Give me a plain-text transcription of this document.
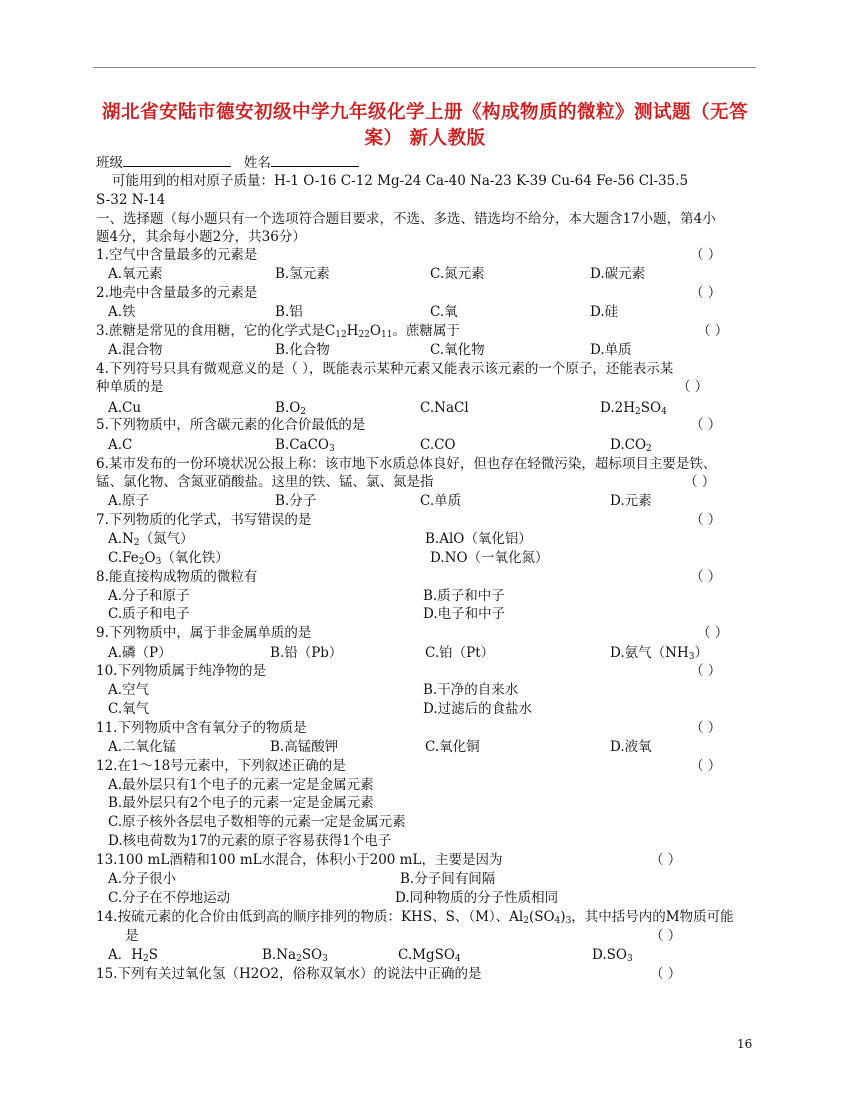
湖北省安陆市德安初级中学九年级化学上册《构成物质的微粒》测试题（无答案） 新人教版
班级	姓名
可能用到的相对原子质量：H-1 O-16 C-12 Mg-24 Ca-40 Na-23 K-39 Cu-64 Fe-56 Cl-35.5
S-32 N-14
一、选择题（每小题只有一个选项符合题目要求，不选、多选、错选均不给分，本大题含17小题，第4小
题4分，其余每小题2分，共36分）
1.空气中含量最多的元素是	（ ）
A.氧元素	B.氢元素	C.氮元素	D.碳元素
2.地壳中含量最多的元素是	（ ）
A.铁	B.铝	C.氧	D.硅
3.蔗糖是常见的食用糖，它的化学式是$C_{12}H_{22}O_{11}$。蔗糖属于	（ ）
A.混合物	B.化合物	C.氧化物	D.单质
4.下列符号只具有微观意义的是（ ），既能表示某种元素又能表示该元素的一个原子，还能表示某
种单质的是	（ ）
A.Cu	$B.O_2$	C.NaCl	$D.2H_2SO_4$
5.下列物质中，所含碳元素的化合价最低的是	（ ）
A.C	B.CaCO$_3$	C.CO	$D.CO_2$
6.某市发布的一份环境状况公报上称：该市地下水质总体良好，但也存在轻微污染，超标项目主要是铁、
锰、氯化物、含氮亚硝酸盐。这里的铁、锰、氯、氮是指	（ ）
A.原子	B.分子	C.单质	D.元素
7.下列物质的化学式，书写错误的是	（ ）
$A.N_2$（氮气）	B.AlO（氧化铝）
$C.Fe_2O_3$（氧化铁）	D.NO（一氧化氮）
8.能直接构成物质的微粒有	（ ）
A.分子和原子	B.质子和中子
C.质子和电子	D.电子和中子
9.下列物质中，属于非金属单质的是	（ ）
A.磷（P）	B.铅（Pb）	C.铂（Pt）	D.氨气$(NH_3)$
10.下列物质属于纯净物的是	（ ）
A.空气	B.干净的自来水
C.氧气	D.过滤后的食盐水
11.下列物质中含有氧分子的物质是	（ ）
A.二氧化锰	B.高锰酸钾	C.氧化铜	D.液氧
12.在1～18号元素中，下列叙述正确的是	（ ）
A.最外层只有1个电子的元素一定是金属元素
B.最外层只有2个电子的元素一定是金属元素
C.原子核外各层电子数相等的元素一定是金属元素
D.核电荷数为17的元素的原子容易获得1个电子
13.100 mL酒精和100 mL水混合，体积小于200 mL，主要是因为	（ ）
A.分子很小	B.分子间有间隔
C.分子在不停地运动	D.同种物质的分子性质相同
14.按硫元素的化合价由低到高的顺序排列的物质：KHS、S、（M）、$Al_2(SO_4)_3$，其中括号内的M物质可能
是	（ ）
A．$H_2S$	$B.Na_2SO_3$	C.MgSO$_4$	$D.SO_3$
15.下列有关过氧化氢（H2O2，俗称双氧水）的说法中正确的是	（ ）
16
